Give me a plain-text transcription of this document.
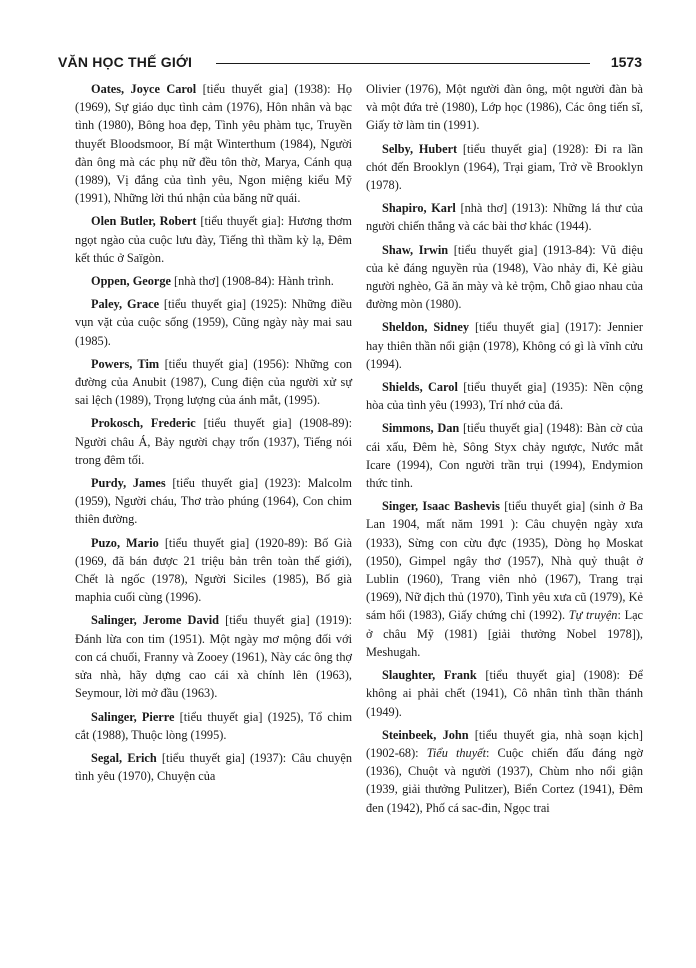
VĂN HỌC THẾ GIỚI	1573

Oates, Joyce Carol [tiểu thuyết gia] (1938): Họ (1969), Sự giáo dục tình cảm (1976), Hôn nhân và bạc tình (1980), Bông hoa đẹp, Tình yêu phàm tục, Truyền thuyết Bloodsmoor, Bí mật Winterthum (1984), Người đàn ông mà các phụ nữ đều tôn thờ, Marya, Cánh quạ (1989), Vị đắng của tình yêu, Ngon miệng kiểu Mỹ (1991), Những lời thú nhận của băng nữ quái.

Olen Butler, Robert [tiểu thuyết gia]: Hương thơm ngọt ngào của cuộc lưu đày, Tiếng thì thầm kỳ lạ, Đêm kết thúc ở Saïgòn.

Oppen, George [nhà thơ] (1908-84): Hành trình.

Paley, Grace [tiểu thuyết gia] (1925): Những điều vụn vặt của cuộc sống (1959), Cũng ngày này mai sau (1985).

Powers, Tim [tiểu thuyết gia] (1956): Những con đường của Anubit (1987), Cung điện của người xử sự sai lệch (1989), Trọng lượng của ánh mắt, (1995).

Prokosch, Frederic [tiểu thuyết gia] (1908-89): Người châu Á, Bảy người chạy trốn (1937), Tiếng nói trong đêm tối.

Purdy, James [tiểu thuyết gia] (1923): Malcolm (1959), Người cháu, Thơ trào phúng (1964), Con chim thiên đường.

Puzo, Mario [tiểu thuyết gia] (1920-89): Bố Già (1969, đã bán được 21 triệu bản trên toàn thế giới), Chết là ngốc (1978), Người Siciles (1985), Bố già maphia cuối cùng (1996).

Salinger, Jerome David [tiểu thuyết gia] (1919): Đánh lừa con tim (1951). Một ngày mơ mộng đối với con cá chuối, Franny và Zooey (1961), Này các ông thợ sửa nhà, hãy dựng cao cái xà chính lên (1963), Seymour, lời mở đầu (1963).

Salinger, Pierre [tiểu thuyết gia] (1925), Tổ chim cắt (1988), Thuộc lòng (1995).

Segal, Erich [tiểu thuyết gia] (1937): Câu chuyện tình yêu (1970), Chuyện của

Olivier (1976), Một người đàn ông, một người đàn bà và một đứa trẻ (1980), Lớp học (1986), Các ông tiến sĩ, Giấy tờ làm tin (1991).

Selby, Hubert [tiểu thuyết gia] (1928): Đi ra lần chót đến Brooklyn (1964), Trại giam, Trở về Brooklyn (1978).

Shapiro, Karl [nhà thơ] (1913): Những lá thư của người chiến thắng và các bài thơ khác (1944).

Shaw, Irwin [tiểu thuyết gia] (1913-84): Vũ điệu của kẻ đáng nguyền rủa (1948), Vào nhảy đi, Kẻ giàu người nghèo, Gã ăn mày và kẻ trộm, Chỗ giao nhau của đường mòn (1980).

Sheldon, Sidney [tiểu thuyết gia] (1917): Jennier hay thiên thần nổi giận (1978), Không có gì là vĩnh cửu (1994).

Shields, Carol [tiểu thuyết gia] (1935): Nền cộng hòa của tình yêu (1993), Trí nhớ của đá.

Simmons, Dan [tiểu thuyết gia] (1948): Bàn cờ của cái xấu, Đêm hè, Sông Styx chảy ngược, Nước mắt Icare (1994), Con người trần trụi (1994), Endymion thức tỉnh.

Singer, Isaac Bashevis [tiểu thuyết gia] (sinh ở Ba Lan 1904, mất năm 1991 ): Câu chuyện ngày xưa (1933), Sừng con cừu đực (1935), Dòng họ Moskat (1950), Gimpel ngây thơ (1957), Nhà quỷ thuật ở Lublin (1960), Trang viên nhỏ (1967), Trang trại (1969), Nữ địch thủ (1970), Tình yêu xưa cũ (1979), Kẻ sám hối (1983), Giấy chứng chỉ (1992). Tự truyện: Lạc ở châu Mỹ (1981) [giải thưởng Nobel 1978]), Meshugah.

Slaughter, Frank [tiểu thuyết gia] (1908): Để không ai phải chết (1941), Cô nhân tình thần thánh (1949).

Steinbeek, John [tiểu thuyết gia, nhà soạn kịch] (1902-68): Tiểu thuyết: Cuộc chiến đấu đáng ngờ (1936), Chuột và người (1937), Chùm nho nổi giận (1939, giải thưởng Pulitzer), Biển Cortez (1941), Đêm đen (1942), Phố cá sac-đin, Ngọc trai
